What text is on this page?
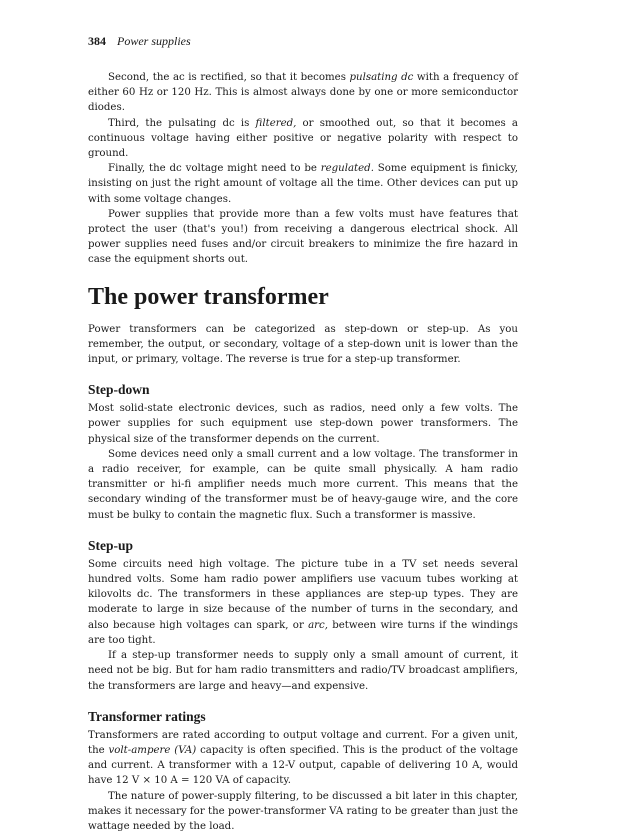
384 Power supplies

Second, the ac is rectified, so that it becomes pulsating dc with a frequency of either 60 Hz or 120 Hz. This is almost always done by one or more semiconductor diodes.

Third, the pulsating dc is filtered, or smoothed out, so that it becomes a continuous voltage having either positive or negative polarity with respect to ground.

Finally, the dc voltage might need to be regulated. Some equipment is finicky, insisting on just the right amount of voltage all the time. Other devices can put up with some voltage changes.

Power supplies that provide more than a few volts must have features that protect the user (that's you!) from receiving a dangerous electrical shock. All power supplies need fuses and/or circuit breakers to minimize the fire hazard in case the equipment shorts out.

The power transformer

Power transformers can be categorized as step-down or step-up. As you remember, the output, or secondary, voltage of a step-down unit is lower than the input, or primary, voltage. The reverse is true for a step-up transformer.

Step-down

Most solid-state electronic devices, such as radios, need only a few volts. The power supplies for such equipment use step-down power transformers. The physical size of the transformer depends on the current.

Some devices need only a small current and a low voltage. The transformer in a radio receiver, for example, can be quite small physically. A ham radio transmitter or hi-fi amplifier needs much more current. This means that the secondary winding of the transformer must be of heavy-gauge wire, and the core must be bulky to contain the magnetic flux. Such a transformer is massive.

Step-up

Some circuits need high voltage. The picture tube in a TV set needs several hundred volts. Some ham radio power amplifiers use vacuum tubes working at kilovolts dc. The transformers in these appliances are step-up types. They are moderate to large in size because of the number of turns in the secondary, and also because high voltages can spark, or arc, between wire turns if the windings are too tight.

If a step-up transformer needs to supply only a small amount of current, it need not be big. But for ham radio transmitters and radio/TV broadcast amplifiers, the transformers are large and heavy—and expensive.

Transformer ratings

Transformers are rated according to output voltage and current. For a given unit, the volt-ampere (VA) capacity is often specified. This is the product of the voltage and current. A transformer with a 12-V output, capable of delivering 10 A, would have 12 V × 10 A = 120 VA of capacity.

The nature of power-supply filtering, to be discussed a bit later in this chapter, makes it necessary for the power-transformer VA rating to be greater than just the wattage needed by the load.
